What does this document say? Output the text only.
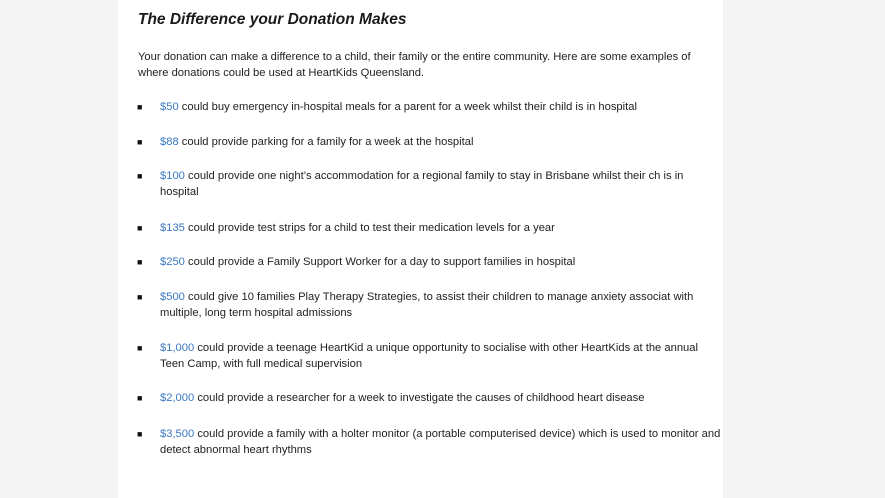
The Difference your Donation Makes

Your donation can make a difference to a child, their family or the entire community. Here are some examples of where donations could be used at HeartKids Queensland.

■ $50 could buy emergency in-hospital meals for a parent for a week whilst their child is in hospital
■ $88 could provide parking for a family for a week at the hospital
■ $100 could provide one night’s accommodation for a regional family to stay in Brisbane whilst their ch is in hospital
■ $135 could provide test strips for a child to test their medication levels for a year
■ $250 could provide a Family Support Worker for a day to support families in hospital
■ $500 could give 10 families Play Therapy Strategies, to assist their children to manage anxiety associat with multiple, long term hospital admissions
■ $1,000 could provide a teenage HeartKid a unique opportunity to socialise with other HeartKids at the annual Teen Camp, with full medical supervision
■ $2,000 could provide a researcher for a week to investigate the causes of childhood heart disease
■ $3,500 could provide a family with a holter monitor (a portable computerised device) which is used to monitor and detect abnormal heart rhythms
